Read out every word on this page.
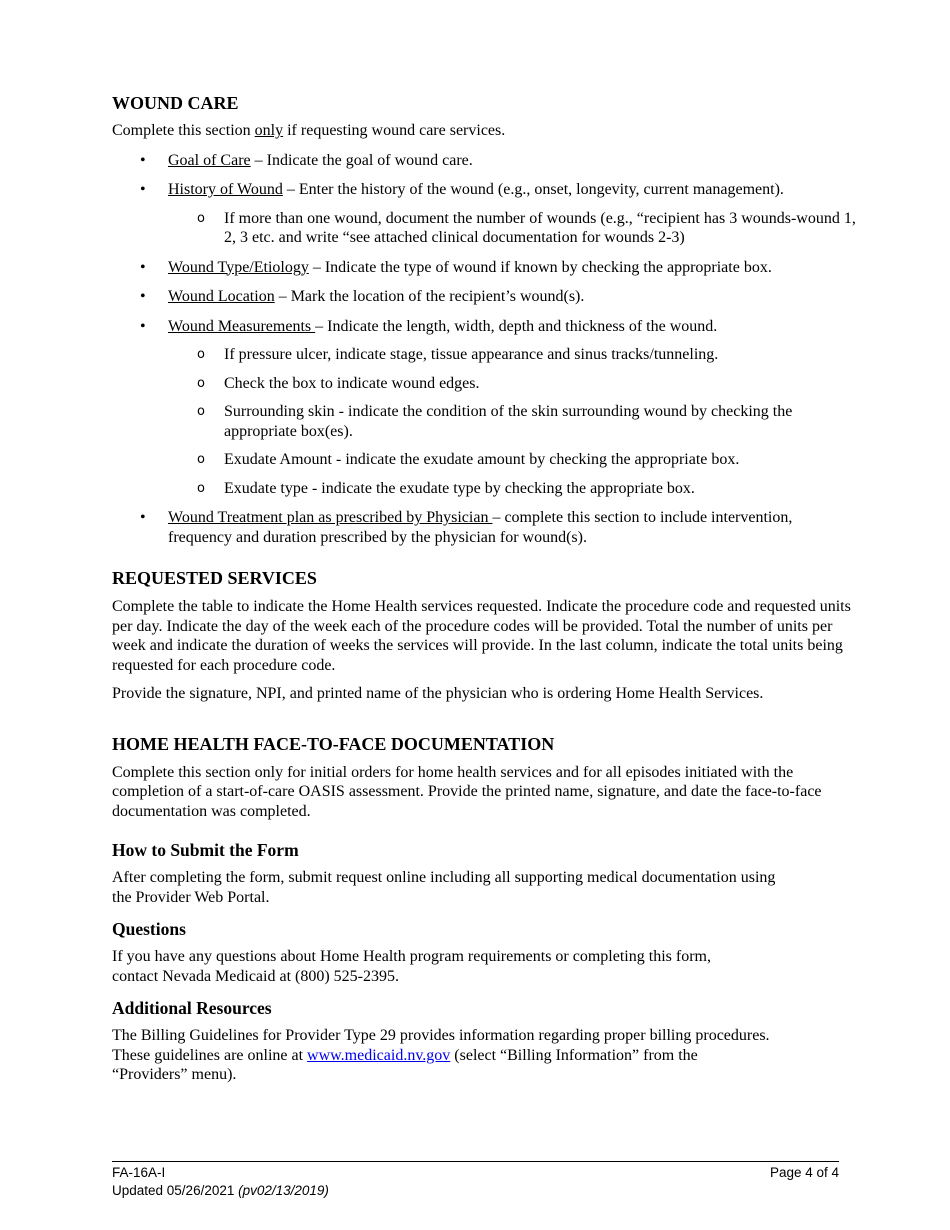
WOUND CARE

Complete this section only if requesting wound care services.

• Goal of Care – Indicate the goal of wound care.
• History of Wound – Enter the history of the wound (e.g., onset, longevity, current management).
o If more than one wound, document the number of wounds (e.g., “recipient has 3 wounds-wound 1, 2, 3 etc. and write “see attached clinical documentation for wounds 2-3)
• Wound Type/Etiology – Indicate the type of wound if known by checking the appropriate box.
• Wound Location – Mark the location of the recipient’s wound(s).
• Wound Measurements – Indicate the length, width, depth and thickness of the wound.
o If pressure ulcer, indicate stage, tissue appearance and sinus tracks/tunneling.
o Check the box to indicate wound edges.
o Surrounding skin - indicate the condition of the skin surrounding wound by checking the appropriate box(es).
o Exudate Amount - indicate the exudate amount by checking the appropriate box.
o Exudate type - indicate the exudate type by checking the appropriate box.
• Wound Treatment plan as prescribed by Physician – complete this section to include intervention, frequency and duration prescribed by the physician for wound(s).
REQUESTED SERVICES

Complete the table to indicate the Home Health services requested. Indicate the procedure code and requested units per day. Indicate the day of the week each of the procedure codes will be provided. Total the number of units per week and indicate the duration of weeks the services will provide. In the last column, indicate the total units being requested for each procedure code.

Provide the signature, NPI, and printed name of the physician who is ordering Home Health Services.

HOME HEALTH FACE-TO-FACE DOCUMENTATION

Complete this section only for initial orders for home health services and for all episodes initiated with the completion of a start-of-care OASIS assessment. Provide the printed name, signature, and date the face-to-face documentation was completed.

How to Submit the Form

After completing the form, submit request online including all supporting medical documentation using
the Provider Web Portal.

Questions

If you have any questions about Home Health program requirements or completing this form,
contact Nevada Medicaid at (800) 525-2395.

Additional Resources

The Billing Guidelines for Provider Type 29 provides information regarding proper billing procedures.
These guidelines are online at www.medicaid.nv.gov (select “Billing Information” from the
“Providers” menu).

FA-16A-I
Updated 05/26/2021 (pv02/13/2019)
Page 4 of 4
